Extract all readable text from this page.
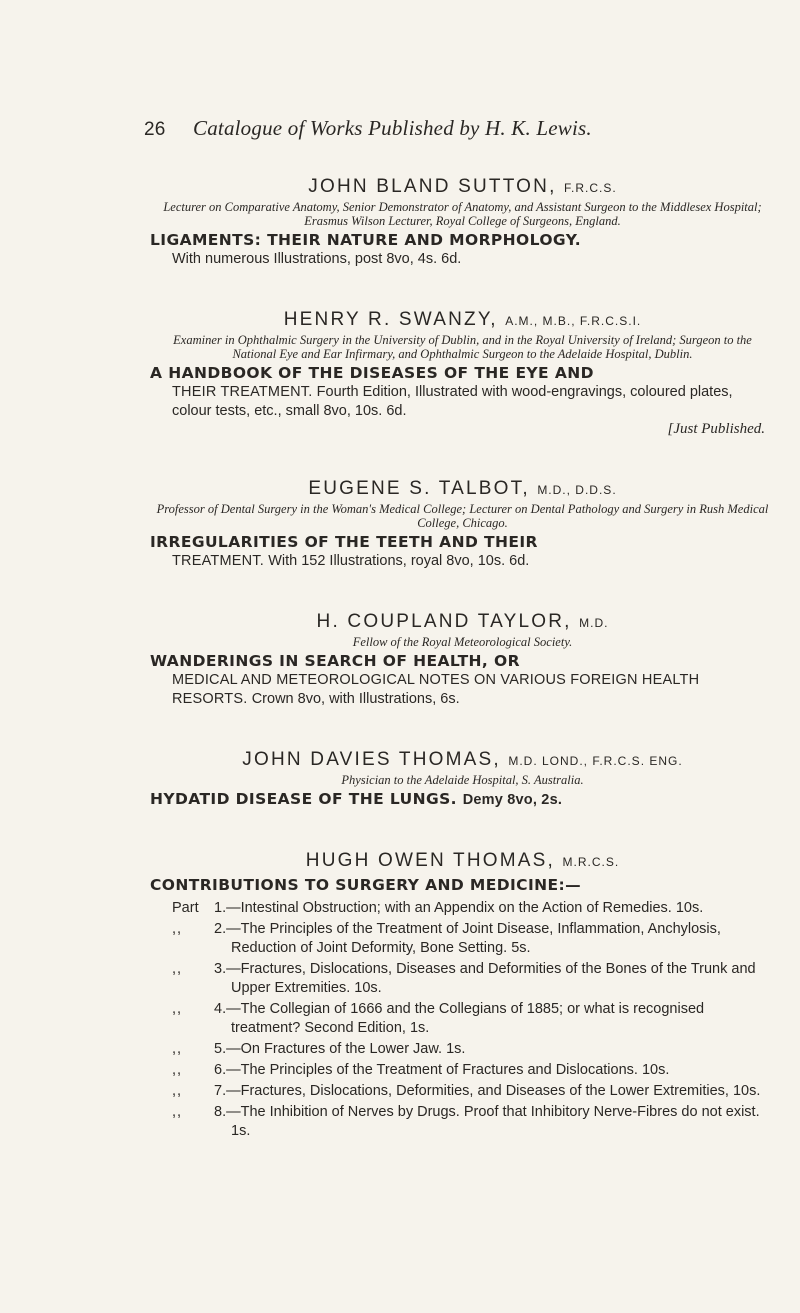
26 Catalogue of Works Published by H. K. Lewis.
JOHN BLAND SUTTON, F.R.C.S.
Lecturer on Comparative Anatomy, Senior Demonstrator of Anatomy, and Assistant Surgeon to the Middlesex Hospital; Erasmus Wilson Lecturer, Royal College of Surgeons, England.
LIGAMENTS: THEIR NATURE AND MORPHOLOGY.
With numerous Illustrations, post 8vo, 4s. 6d.
HENRY R. SWANZY, A.M., M.B., F.R.C.S.I.
Examiner in Ophthalmic Surgery in the University of Dublin, and in the Royal University of Ireland; Surgeon to the National Eye and Ear Infirmary, and Ophthalmic Surgeon to the Adelaide Hospital, Dublin.
A HANDBOOK OF THE DISEASES OF THE EYE AND
THEIR TREATMENT. Fourth Edition, Illustrated with wood-engravings, coloured plates, colour tests, etc., small 8vo, 10s. 6d.
[Just Published.
EUGENE S. TALBOT, M.D., D.D.S.
Professor of Dental Surgery in the Woman's Medical College; Lecturer on Dental Pathology and Surgery in Rush Medical College, Chicago.
IRREGULARITIES OF THE TEETH AND THEIR
TREATMENT. With 152 Illustrations, royal 8vo, 10s. 6d.
H. COUPLAND TAYLOR, M.D.
Fellow of the Royal Meteorological Society.
WANDERINGS IN SEARCH OF HEALTH, OR
MEDICAL AND METEOROLOGICAL NOTES ON VARIOUS FOREIGN HEALTH RESORTS. Crown 8vo, with Illustrations, 6s.
JOHN DAVIES THOMAS, M.D. LOND., F.R.C.S. ENG.
Physician to the Adelaide Hospital, S. Australia.
HYDATID DISEASE OF THE LUNGS. Demy 8vo, 2s.
HUGH OWEN THOMAS, M.R.C.S.
CONTRIBUTIONS TO SURGERY AND MEDICINE:—
Part	1.—Intestinal Obstruction; with an Appendix on the Action of Remedies. 10s.
,,	2.—The Principles of the Treatment of Joint Disease, Inflammation, Anchylosis, Reduction of Joint Deformity, Bone Setting. 5s.
,,	3.—Fractures, Dislocations, Diseases and Deformities of the Bones of the Trunk and Upper Extremities. 10s.
,,	4.—The Collegian of 1666 and the Collegians of 1885; or what is recognised treatment? Second Edition, 1s.
,,	5.—On Fractures of the Lower Jaw. 1s.
,,	6.—The Principles of the Treatment of Fractures and Dislocations. 10s.
,,	7.—Fractures, Dislocations, Deformities, and Diseases of the Lower Extremities, 10s.
,,	8.—The Inhibition of Nerves by Drugs. Proof that Inhibitory Nerve-Fibres do not exist. 1s.
